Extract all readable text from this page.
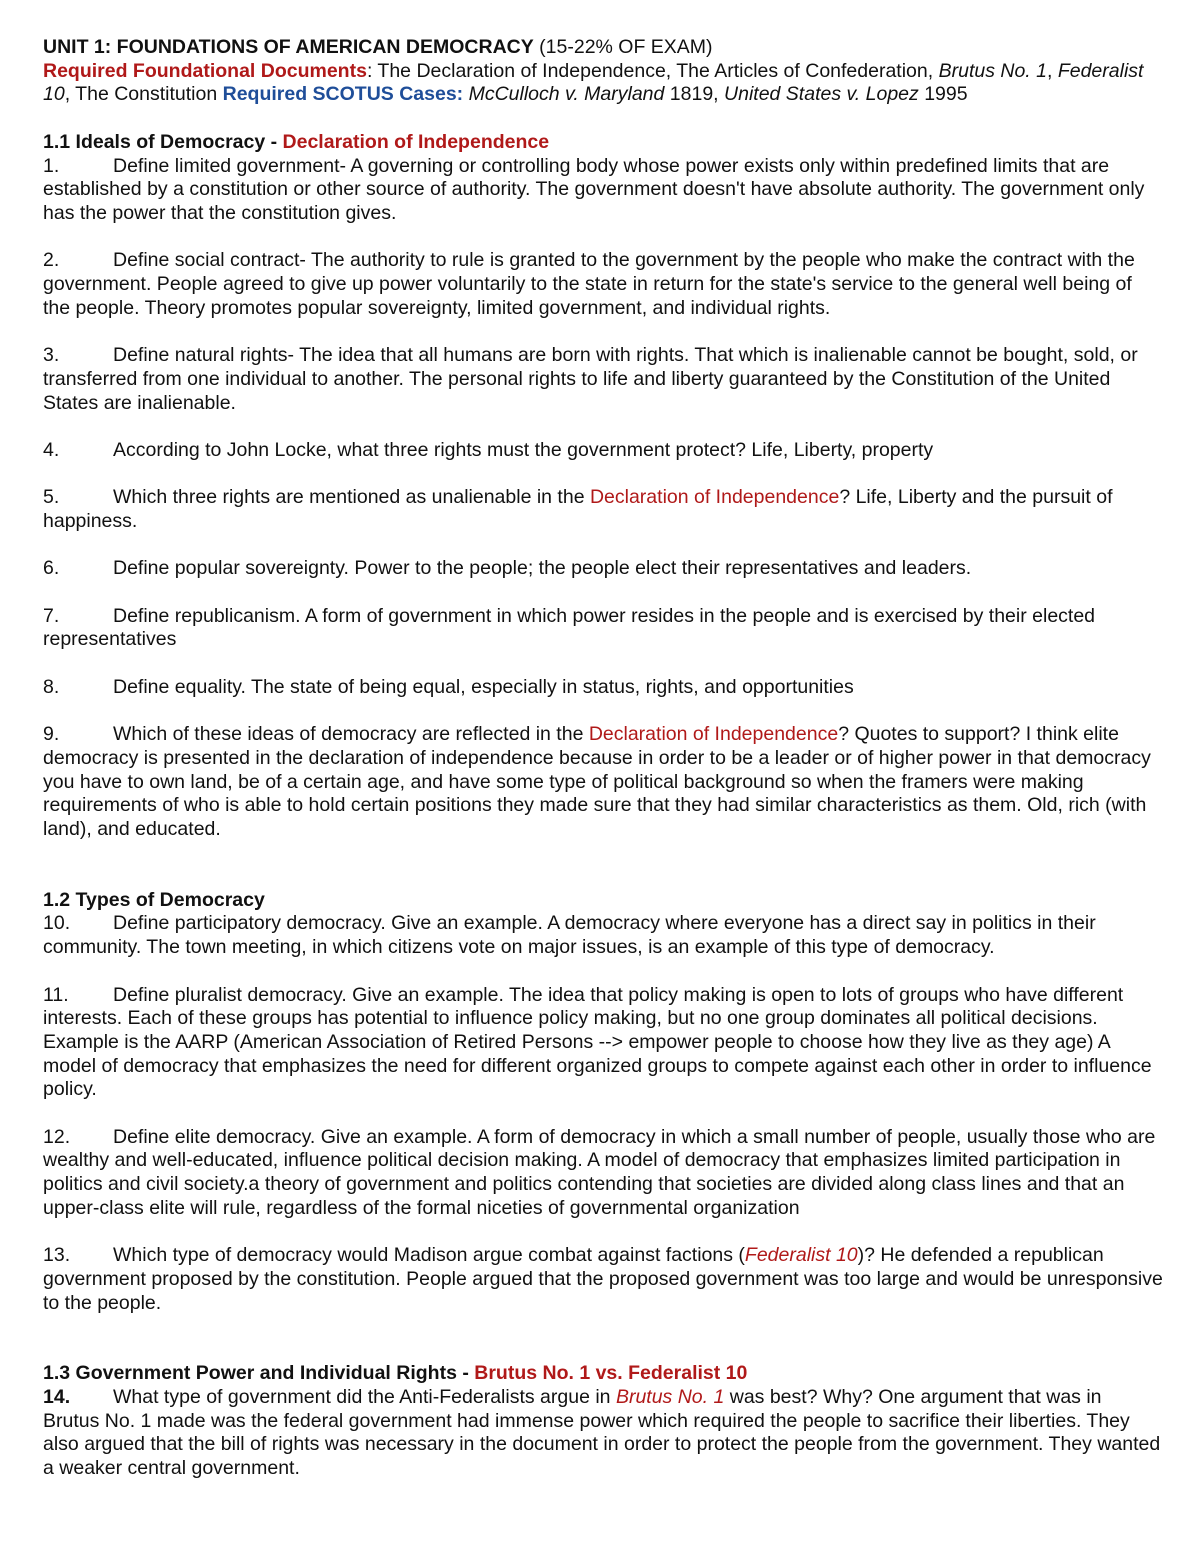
UNIT 1: FOUNDATIONS OF AMERICAN DEMOCRACY (15-22% OF EXAM)
Required Foundational Documents: The Declaration of Independence, The Articles of Confederation, Brutus No. 1, Federalist 10, The Constitution Required SCOTUS Cases: McCulloch v. Maryland 1819, United States v. Lopez 1995

1.1 Ideals of Democracy - Declaration of Independence

1.	Define limited government- A governing or controlling body whose power exists only within predefined limits that are established by a constitution or other source of authority. The government doesn't have absolute authority. The government only has the power that the constitution gives.

2.	Define social contract- The authority to rule is granted to the government by the people who make the contract with the government. People agreed to give up power voluntarily to the state in return for the state's service to the general well being of the people. Theory promotes popular sovereignty, limited government, and individual rights.

3.	Define natural rights- The idea that all humans are born with rights. That which is inalienable cannot be bought, sold, or transferred from one individual to another. The personal rights to life and liberty guaranteed by the Constitution of the United States are inalienable.

4.	According to John Locke, what three rights must the government protect? Life, Liberty, property

5.	Which three rights are mentioned as unalienable in the Declaration of Independence? Life, Liberty and the pursuit of happiness.

6.	Define popular sovereignty. Power to the people; the people elect their representatives and leaders.

7.	Define republicanism. A form of government in which power resides in the people and is exercised by their elected representatives

8.	Define equality. The state of being equal, especially in status, rights, and opportunities

9.	Which of these ideas of democracy are reflected in the Declaration of Independence? Quotes to support? I think elite democracy is presented in the declaration of independence because in order to be a leader or of higher power in that democracy you have to own land, be of a certain age, and have some type of political background so when the framers were making requirements of who is able to hold certain positions they made sure that they had similar characteristics as them. Old, rich (with land), and educated.

1.2 Types of Democracy

10. Define participatory democracy. Give an example. A democracy where everyone has a direct say in politics in their community. The town meeting, in which citizens vote on major issues, is an example of this type of democracy.

11. Define pluralist democracy. Give an example. The idea that policy making is open to lots of groups who have different interests. Each of these groups has potential to influence policy making, but no one group dominates all political decisions. Example is the AARP (American Association of Retired Persons --> empower people to choose how they live as they age) A model of democracy that emphasizes the need for different organized groups to compete against each other in order to influence policy.

12. Define elite democracy. Give an example. A form of democracy in which a small number of people, usually those who are wealthy and well-educated, influence political decision making. A model of democracy that emphasizes limited participation in politics and civil society.a theory of government and politics contending that societies are divided along class lines and that an upper-class elite will rule, regardless of the formal niceties of governmental organization

13. Which type of democracy would Madison argue combat against factions (Federalist 10)? He defended a republican government proposed by the constitution. People argued that the proposed government was too large and would be unresponsive to the people.

1.3 Government Power and Individual Rights - Brutus No. 1 vs. Federalist 10

14. What type of government did the Anti-Federalists argue in Brutus No. 1 was best? Why? One argument that was in Brutus No. 1 made was the federal government had immense power which required the people to sacrifice their liberties. They also argued that the bill of rights was necessary in the document in order to protect the people from the government. They wanted a weaker central government.
